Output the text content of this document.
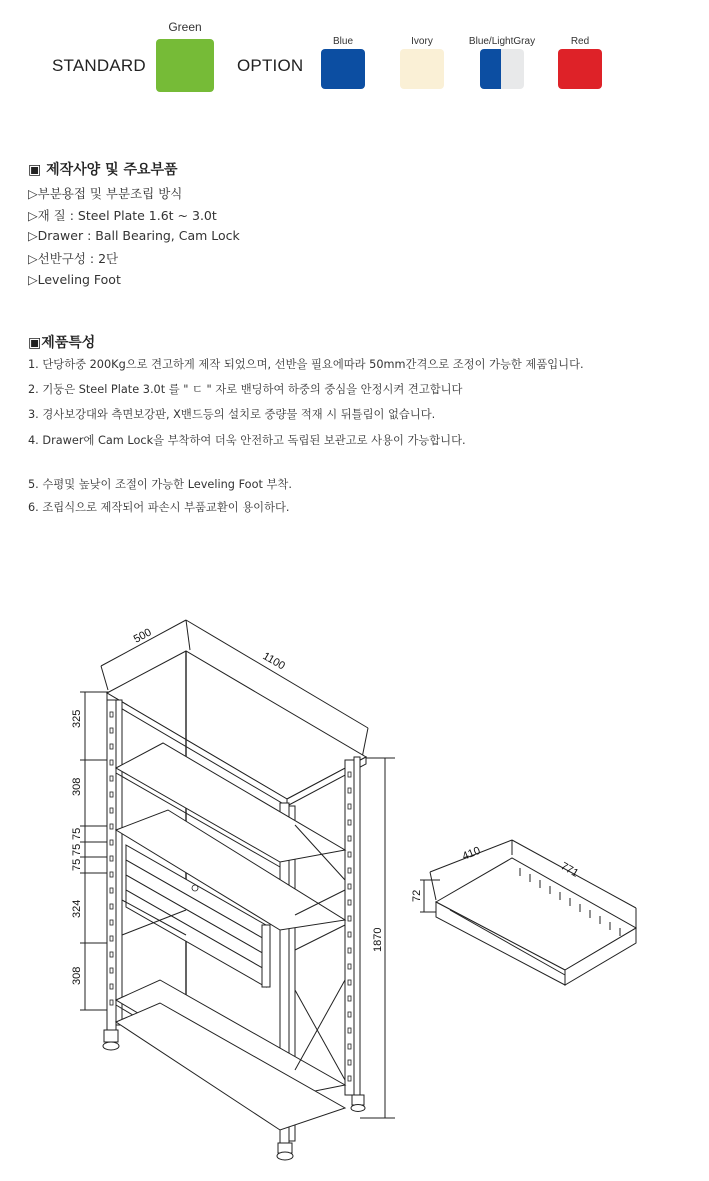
STANDARD
Green
OPTION
Blue	Ivory	Blue/LightGray	Red
▣ 제작사양 및 주요부품
▷부분용접 및 부분조립 방식
▷재 질 : Steel Plate 1.6t ~ 3.0t
▷Drawer : Ball Bearing, Cam Lock
▷선반구성 : 2단
▷Leveling Foot
▣제품특성
1. 단당하중 200Kg으로 견고하게 제작 되었으며, 선반을 필요에따라 50mm간격으로 조정이 가능한 제품입니다.
2. 기둥은 Steel Plate 3.0t 를 " ㄷ " 자로 밴딩하여 하중의 중심을 안정시켜 견고합니다
3. 경사보강대와 측면보강판, X밴드등의 설치로 중량물 적재 시 뒤틀림이 없습니다.
4. Drawer에 Cam Lock을 부착하여 더욱 안전하고 독립된 보관고로 사용이 가능합니다.
5. 수평및 높낮이 조절이 가능한 Leveling Foot 부착.
6. 조립식으로 제작되어 파손시 부품교환이 용이하다.
500
1100
325
308
75
75
75
324
308
1870
410
771
72
